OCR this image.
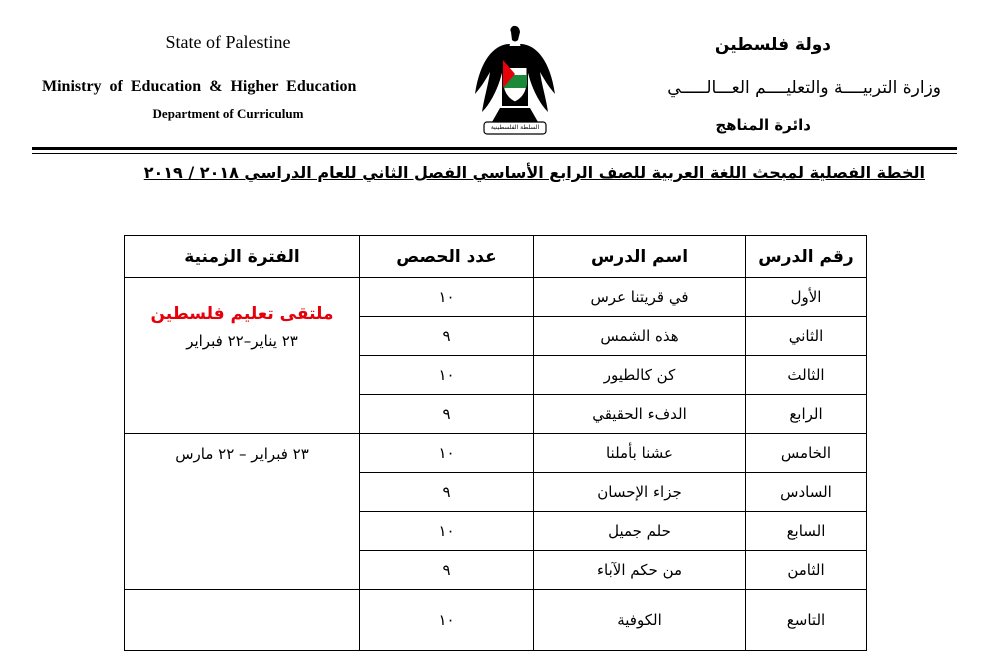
State of Palestine
Ministry of Education & Higher Education
Department of Curriculum
السلطة الفلسطينية
دولة فلسطين
وزارة التربيــــة والتعليــــم العـــالـــــي
دائرة المناهج
الخطة الفصلية لمبحث اللغة العربية للصف الرابع الأساسي الفصل الثاني للعام الدراسي ٢٠١٨ / ٢٠١٩
رقم الدرس	اسم الدرس	عدد الحصص	الفترة الزمنية
الأول	في قريتنا عرس	١٠	ملتقى تعليم فلسطين
٢٣ يناير–٢٢ فبراير

الثاني	هذه الشمس	٩	
الثالث	كن كالطيور	١٠	
الرابع	الدفء الحقيقي	٩	
الخامس	عشنا بأملنا	١٠	٢٣ فبراير – ٢٢ مارس

السادس	جزاء الإحسان	٩	
السابع	حلم جميل	١٠	
الثامن	من حكم الآباء	٩	
التاسع	الكوفية	١٠	
